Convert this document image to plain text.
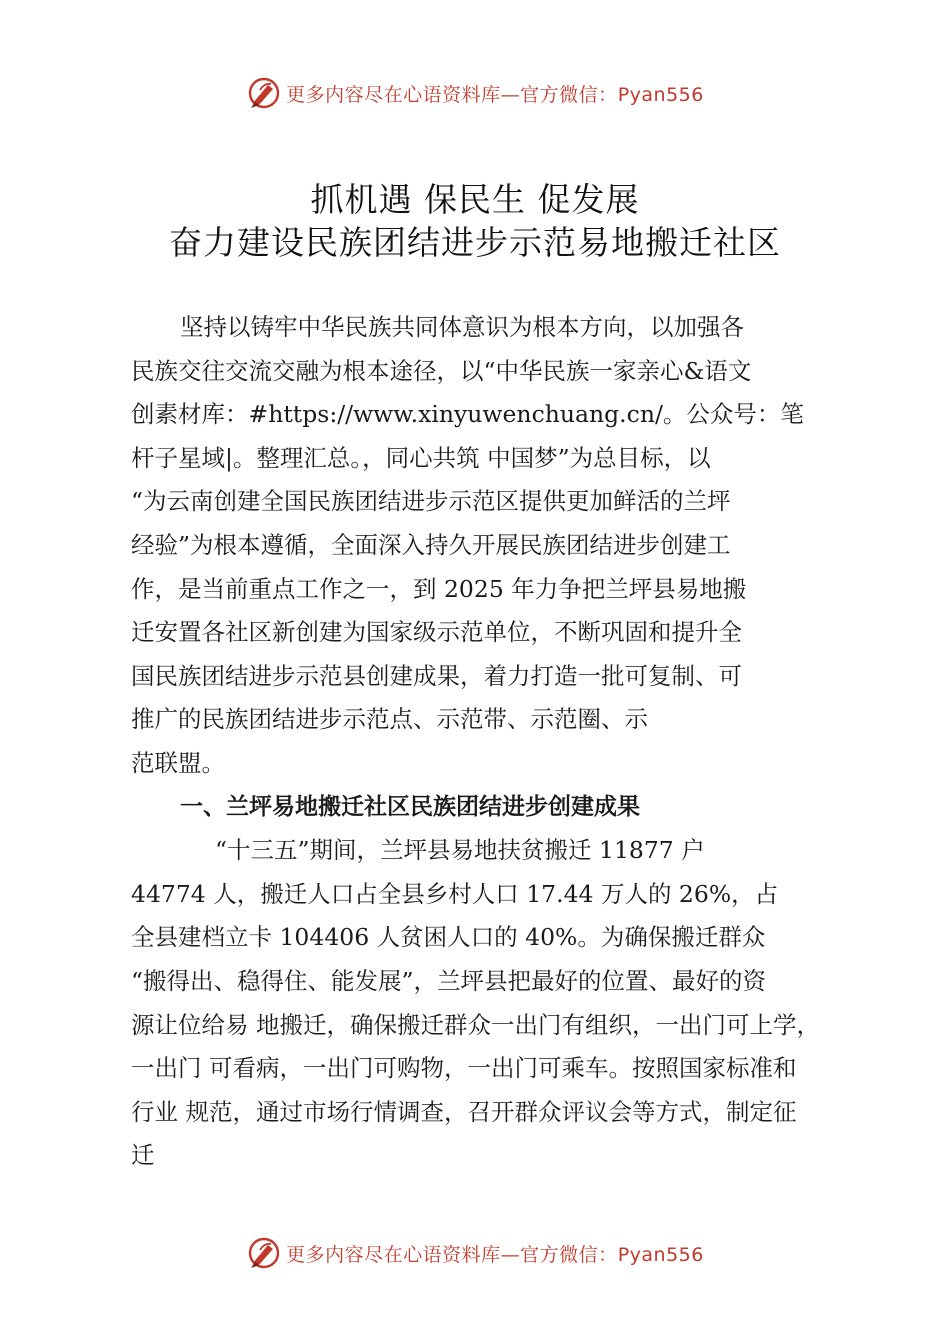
更多内容尽在心语资料库—官方微信：Pyan556
抓机遇 保民生 促发展
奋力建设民族团结进步示范易地搬迁社区
坚持以铸牢中华民族共同体意识为根本方向，以加强各
民族交往交流交融为根本途径，以“中华民族一家亲心&语文
创素材库：#https://www.xinyuwenchuang.cn/。公众号：笔
杆子星域|。整理汇总。，同心共筑 中国梦”为总目标，以
“为云南创建全国民族团结进步示范区提供更加鲜活的兰坪
经验”为根本遵循，全面深入持久开展民族团结进步创建工
作，是当前重点工作之一，到 2025 年力争把兰坪县易地搬
迁安置各社区新创建为国家级示范单位，不断巩固和提升全
国民族团结进步示范县创建成果，着力打造一批可复制、可
推广的民族团结进步示范点、示范带、示范圈、示
范联盟。
一、兰坪易地搬迁社区民族团结进步创建成果
“十三五”期间，兰坪县易地扶贫搬迁 11877 户
44774 人，搬迁人口占全县乡村人口 17.44 万人的 26%，占
全县建档立卡 104406 人贫困人口的 40%。为确保搬迁群众
“搬得出、稳得住、能发展”，兰坪县把最好的位置、最好的资
源让位给易 地搬迁，确保搬迁群众一出门有组织，一出门可上学，
一出门 可看病，一出门可购物，一出门可乘车。按照国家标准和
行业 规范，通过市场行情调查，召开群众评议会等方式，制定征
迁
更多内容尽在心语资料库—官方微信：Pyan556
